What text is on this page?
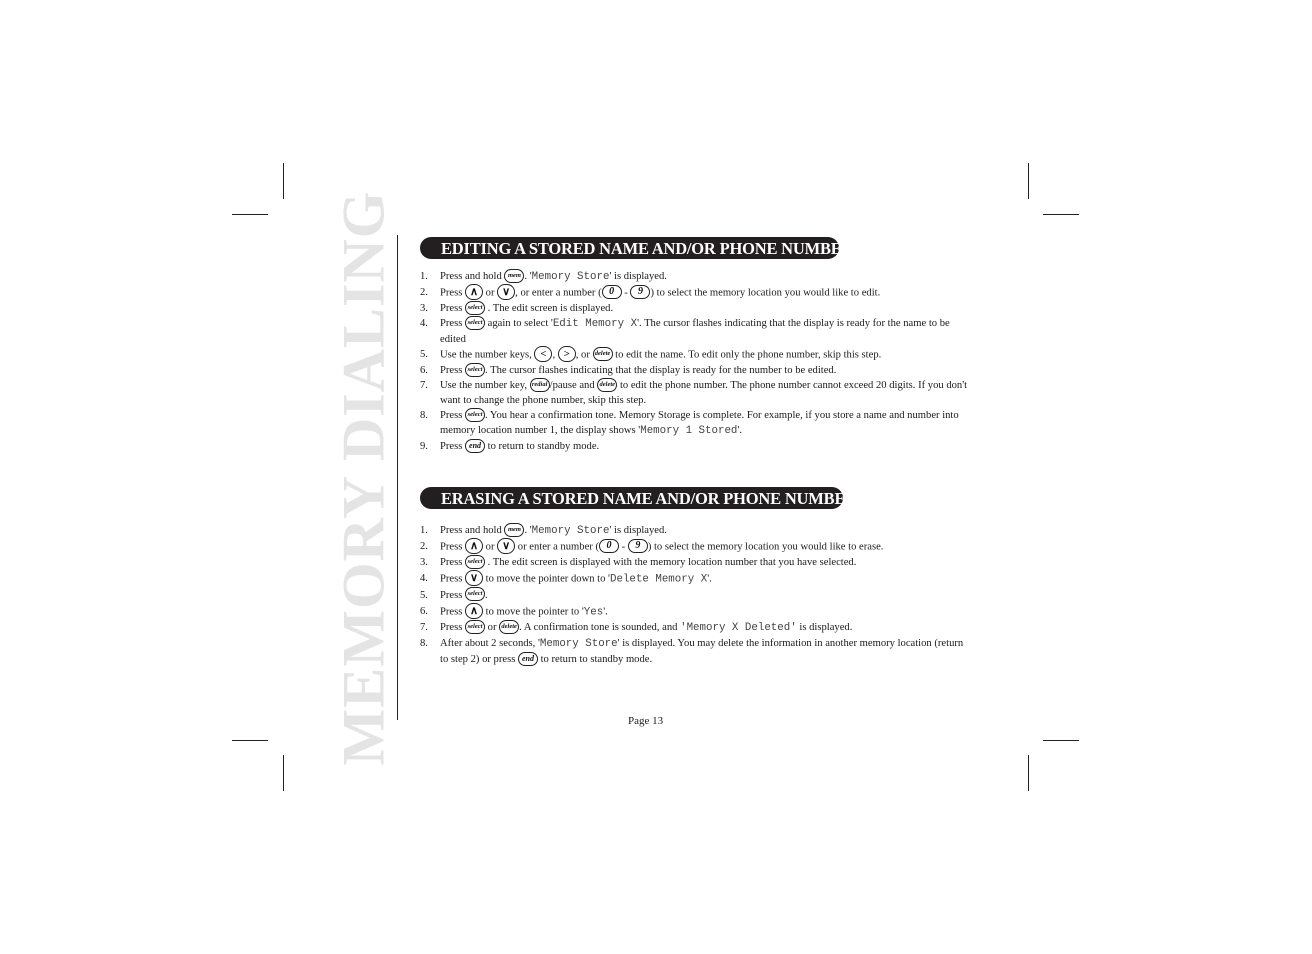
MEMORY DIALING	EDITING A STORED NAME AND/OR PHONE NUMBER
1.	Press and hold mem . 'Memory Store' is displayed.
2.	Press ∧ or ∨ , or enter a number ( 0 - 9 ) to select the memory location you would like to edit.
3.	Press select . The edit screen is displayed.
4.	Press select again to select 'Edit Memory X'. The cursor flashes indicating that the display is ready for the name to be edited
5.	Use the number keys, < , > , or delete to edit the name. To edit only the phone number, skip this step.
6.	Press select . The cursor flashes indicating that the display is ready for the number to be edited.
7.	Use the number key, redial /pause and delete to edit the phone number. The phone number cannot exceed 20 digits. If you don't want to change the phone number, skip this step.
8.	Press select . You hear a confirmation tone. Memory Storage is complete. For example, if you store a name and number into memory location number 1, the display shows 'Memory 1 Stored'.
9.	Press end to return to standby mode.
ERASING A STORED NAME AND/OR PHONE NUMBER
1.	Press and hold mem . 'Memory Store' is displayed.
2.	Press ∧ or ∨ or enter a number ( 0 - 9 ) to select the memory location you would like to erase.
3.	Press select . The edit screen is displayed with the memory location number that you have selected.
4.	Press ∨ to move the pointer down to 'Delete Memory X'.
5.	Press select .
6.	Press ∧ to move the pointer to 'Yes'.
7.	Press select or delete . A confirmation tone is sounded, and 'Memory X Deleted' is displayed.
8.	After about 2 seconds, 'Memory Store' is displayed. You may delete the information in another memory location (return to step 2) or press end to return to standby mode.
Page 13
